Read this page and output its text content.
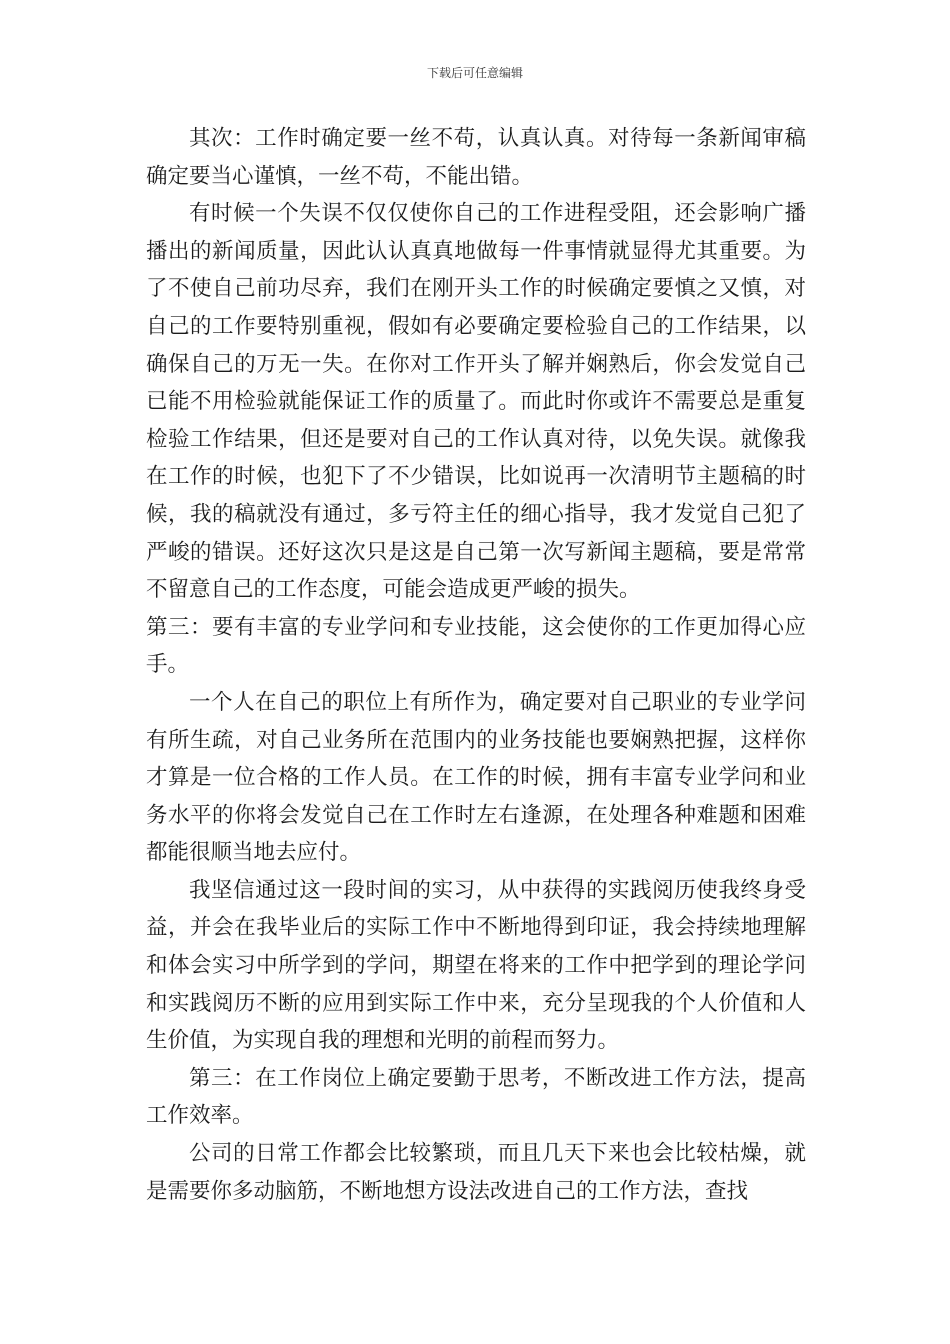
下载后可任意编辑

其次：工作时确定要一丝不苟，认真认真。对待每一条新闻审稿确定要当心谨慎，一丝不苟，不能出错。

有时候一个失误不仅仅使你自己的工作进程受阻，还会影响广播播出的新闻质量，因此认认真真地做每一件事情就显得尤其重要。为了不使自己前功尽弃，我们在刚开头工作的时候确定要慎之又慎，对自己的工作要特别重视，假如有必要确定要检验自己的工作结果，以确保自己的万无一失。在你对工作开头了解并娴熟后，你会发觉自己已能不用检验就能保证工作的质量了。而此时你或许不需要总是重复检验工作结果，但还是要对自己的工作认真对待，以免失误。就像我在工作的时候，也犯下了不少错误，比如说再一次清明节主题稿的时候，我的稿就没有通过，多亏符主任的细心指导，我才发觉自己犯了严峻的错误。还好这次只是这是自己第一次写新闻主题稿，要是常常不留意自己的工作态度，可能会造成更严峻的损失。

第三：要有丰富的专业学问和专业技能，这会使你的工作更加得心应手。

一个人在自己的职位上有所作为，确定要对自己职业的专业学问有所生疏，对自己业务所在范围内的业务技能也要娴熟把握，这样你才算是一位合格的工作人员。在工作的时候，拥有丰富专业学问和业务水平的你将会发觉自己在工作时左右逢源，在处理各种难题和困难都能很顺当地去应付。

我坚信通过这一段时间的实习，从中获得的实践阅历使我终身受益，并会在我毕业后的实际工作中不断地得到印证，我会持续地理解和体会实习中所学到的学问，期望在将来的工作中把学到的理论学问和实践阅历不断的应用到实际工作中来，充分呈现我的个人价值和人生价值，为实现自我的理想和光明的前程而努力。

第三：在工作岗位上确定要勤于思考，不断改进工作方法，提高工作效率。

公司的日常工作都会比较繁琐，而且几天下来也会比较枯燥，就是需要你多动脑筋，不断地想方设法改进自己的工作方法，查找
